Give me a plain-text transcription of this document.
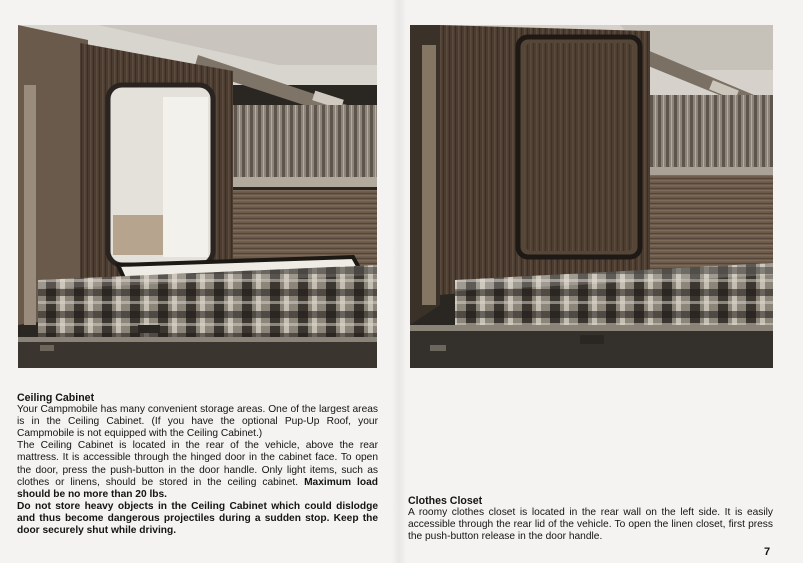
Ceiling Cabinet

Your Campmobile has many convenient storage areas. One of the largest areas is in the Ceiling Cabinet. (If you have the optional Pup-Up Roof, your Campmobile is not equipped with the Ceiling Cabinet.)

The Ceiling Cabinet is located in the rear of the vehicle, above the rear mattress. It is accessible through the hinged door in the cabinet face. To open the door, press the push-button in the door handle. Only light items, such as clothes or linens, should be stored in the ceiling cabinet. Maximum load should be no more than 20 lbs.

Do not store heavy objects in the Ceiling Cabinet which could dislodge and thus become dangerous projectiles during a sudden stop. Keep the door securely shut while driving.

Clothes Closet

A roomy clothes closet is located in the rear wall on the left side. It is easily accessible through the rear lid of the vehicle. To open the linen closet, first press the push-button release in the door handle.

7
